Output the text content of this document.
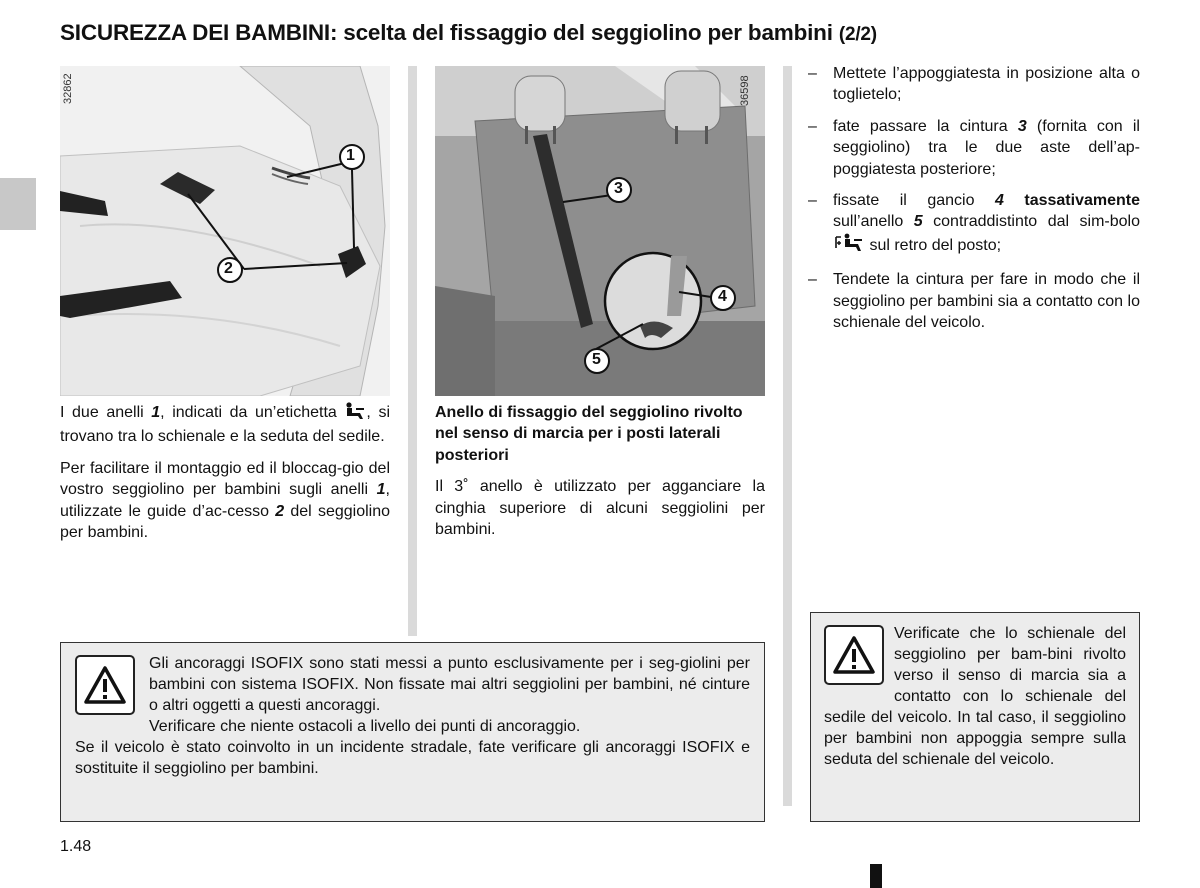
SICUREZZA DEI BAMBINI: scelta del fissaggio del seggiolino per bambini (2/2)
32862
1
2
36598
3
4
5

I due anelli 1, indicati da un’etichetta , si trovano tra lo schienale e la seduta del sedile.

Per facilitare il montaggio ed il bloccag-gio del vostro seggiolino per bambini sugli anelli 1, utilizzate le guide d’ac-cesso 2 del seggiolino per bambini.

Anello di fissaggio del seggiolino rivolto nel senso di marcia per i posti laterali posteriori

Il 3˚ anello è utilizzato per agganciare la cinghia superiore di alcuni seggiolini per bambini.

– Mettete l’appoggiatesta in posizione alta o toglietelo;
– fate passare la cintura 3 (fornita con il seggiolino) tra le due aste dell’ap-poggiatesta posteriore;
– fissate il gancio 4 tassativamente sull’anello 5 contraddistinto dal sim-bolo  sul retro del posto;
– Tendete la cintura per fare in modo che il seggiolino per bambini sia a contatto con lo schienale del veicolo.
Gli ancoraggi ISOFIX sono stati messi a punto esclusivamente per i seg-giolini per bambini con sistema ISOFIX. Non fissate mai altri seggiolini per bambini, né cinture o altri oggetti a questi ancoraggi.
Verificare che niente ostacoli a livello dei punti di ancoraggio.
Se il veicolo è stato coinvolto in un incidente stradale, fate verificare gli ancoraggi ISOFIX e sostituite il seggiolino per bambini.
Verificate che lo schienale del seggiolino per bam-bini rivolto verso il senso di marcia sia a contatto con lo schienale del sedile del veicolo. In tal caso, il seggiolino per bambini non appoggia sempre sulla seduta del schienale del veicolo.
1.48
